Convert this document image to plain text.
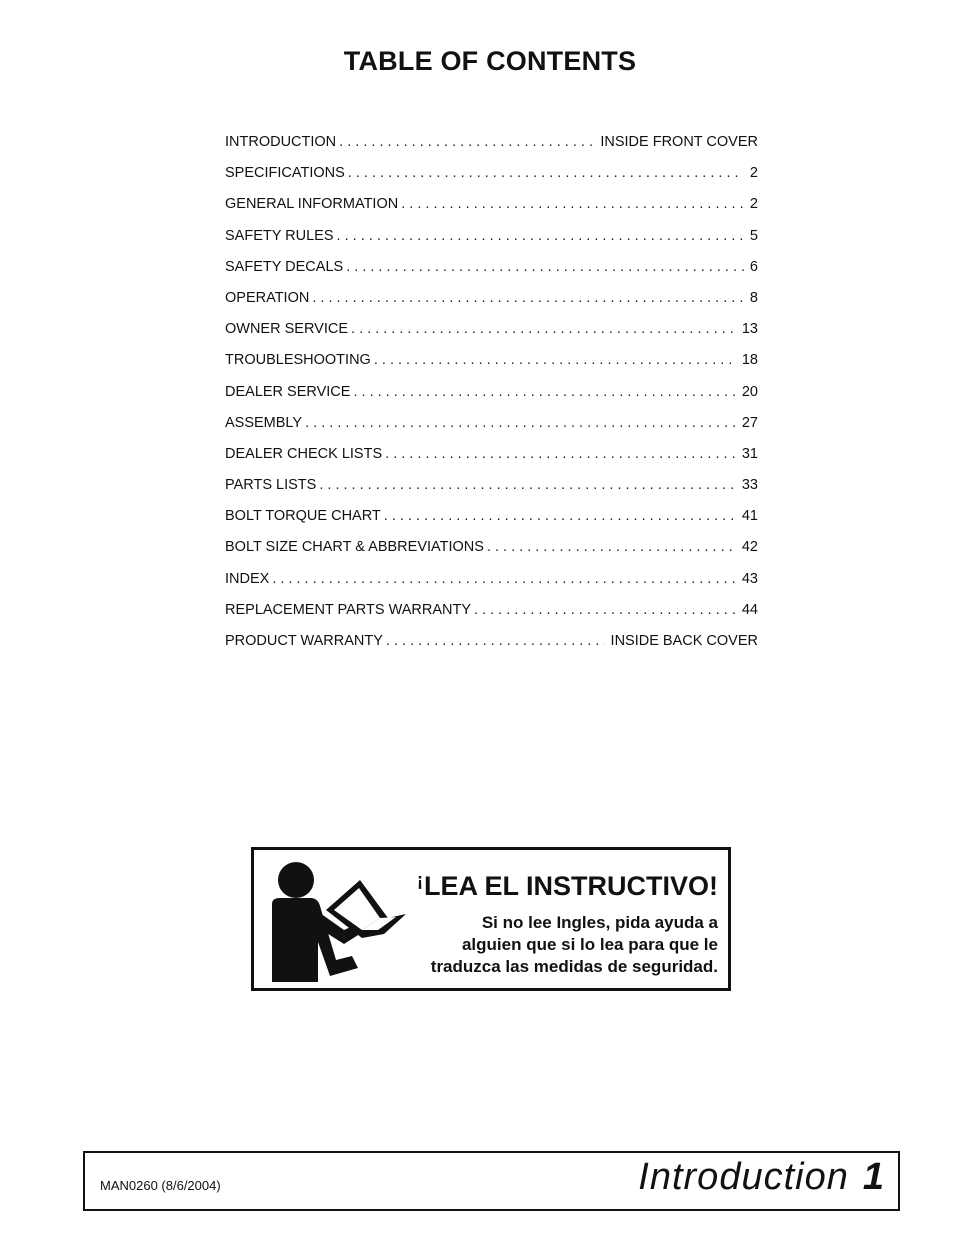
TABLE OF CONTENTS
INTRODUCTION . . .	INSIDE FRONT COVER
SPECIFICATIONS . . .	2
GENERAL INFORMATION . . .	2
SAFETY RULES . . .	5
SAFETY DECALS . . .	6
OPERATION . . .	8
OWNER SERVICE . . .	13
TROUBLESHOOTING . . .	18
DEALER SERVICE . . .	20
ASSEMBLY . . .	27
DEALER CHECK LISTS . . .	31
PARTS LISTS . . .	33
BOLT TORQUE CHART . . .	41
BOLT SIZE CHART & ABBREVIATIONS . . .	42
INDEX . . .	43
REPLACEMENT PARTS WARRANTY . . .	44
PRODUCT WARRANTY . . .	INSIDE BACK COVER
¡LEA EL INSTRUCTIVO!
Si no lee Ingles, pida ayuda a
alguien que si lo lea para que le
traduzca las medidas de seguridad.
MAN0260 (8/6/2004)	Introduction 1
